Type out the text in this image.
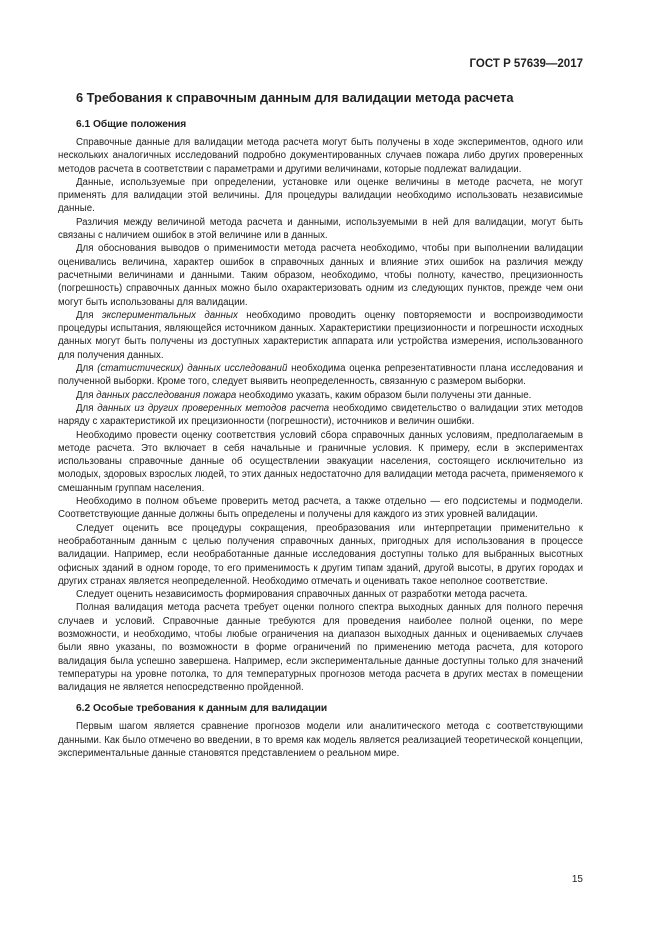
ГОСТ Р 57639—2017
6 Требования к справочным данным для валидации метода расчета
6.1 Общие положения

Справочные данные для валидации метода расчета могут быть получены в ходе экспериментов, одного или нескольких аналогичных исследований подробно документированных случаев пожара либо других проверенных методов расчета в соответствии с параметрами и другими величинами, которые подлежат валидации.

Данные, используемые при определении, установке или оценке величины в методе расчета, не могут применять для валидации этой величины. Для процедуры валидации необходимо использовать независимые данные.

Различия между величиной метода расчета и данными, используемыми в ней для валидации, могут быть связаны с наличием ошибок в этой величине или в данных.

Для обоснования выводов о применимости метода расчета необходимо, чтобы при выполнении валидации оценивались величина, характер ошибок в справочных данных и влияние этих ошибок на различия между расчетными величинами и данными. Таким образом, необходимо, чтобы полноту, качество, прецизионность (погрешность) справочных данных можно было охарактеризовать одним из следующих пунктов, прежде чем они могут быть использованы для валидации.

Для экспериментальных данных необходимо проводить оценку повторяемости и воспроизводимости процедуры испытания, являющейся источником данных. Характеристики прецизионности и погрешности исходных данных могут быть получены из доступных характеристик аппарата или устройства измерения, использованного для получения данных.

Для (статистических) данных исследований необходима оценка репрезентативности плана исследования и полученной выборки. Кроме того, следует выявить неопределенность, связанную с размером выборки.

Для данных расследования пожара необходимо указать, каким образом были получены эти данные.

Для данных из других проверенных методов расчета необходимо свидетельство о валидации этих методов наряду с характеристикой их прецизионности (погрешности), источников и величин ошибки.

Необходимо провести оценку соответствия условий сбора справочных данных условиям, предполагаемым в методе расчета. Это включает в себя начальные и граничные условия. К примеру, если в экспериментах использованы справочные данные об осуществлении эвакуации населения, состоящего исключительно из молодых, здоровых взрослых людей, то этих данных недостаточно для валидации метода расчета, применяемого к смешанным группам населения.

Необходимо в полном объеме проверить метод расчета, а также отдельно — его подсистемы и подмодели. Соответствующие данные должны быть определены и получены для каждого из этих уровней валидации.

Следует оценить все процедуры сокращения, преобразования или интерпретации применительно к необработанным данным с целью получения справочных данных, пригодных для использования в процессе валидации. Например, если необработанные данные исследования доступны только для выбранных высотных офисных зданий в одном городе, то его применимость к другим типам зданий, другой высоты, в других городах и других странах является неопределенной. Необходимо отмечать и оценивать такое неполное соответствие.

Следует оценить независимость формирования справочных данных от разработки метода расчета.

Полная валидация метода расчета требует оценки полного спектра выходных данных для полного перечня случаев и условий. Справочные данные требуются для проведения наиболее полной оценки, по мере возможности, и необходимо, чтобы любые ограничения на диапазон выходных данных и оцениваемых случаев были явно указаны, по возможности в форме ограничений по применению метода расчета, для которого валидация была успешно завершена. Например, если экспериментальные данные доступны только для значений температуры на уровне потолка, то для температурных прогнозов метода расчета в других местах в помещении валидация не является непосредственно пройденной.

6.2 Особые требования к данным для валидации

Первым шагом является сравнение прогнозов модели или аналитического метода с соответствующими данными. Как было отмечено во введении, в то время как модель является реализацией теоретической концепции, экспериментальные данные становятся представлением о реальном мире.

15
